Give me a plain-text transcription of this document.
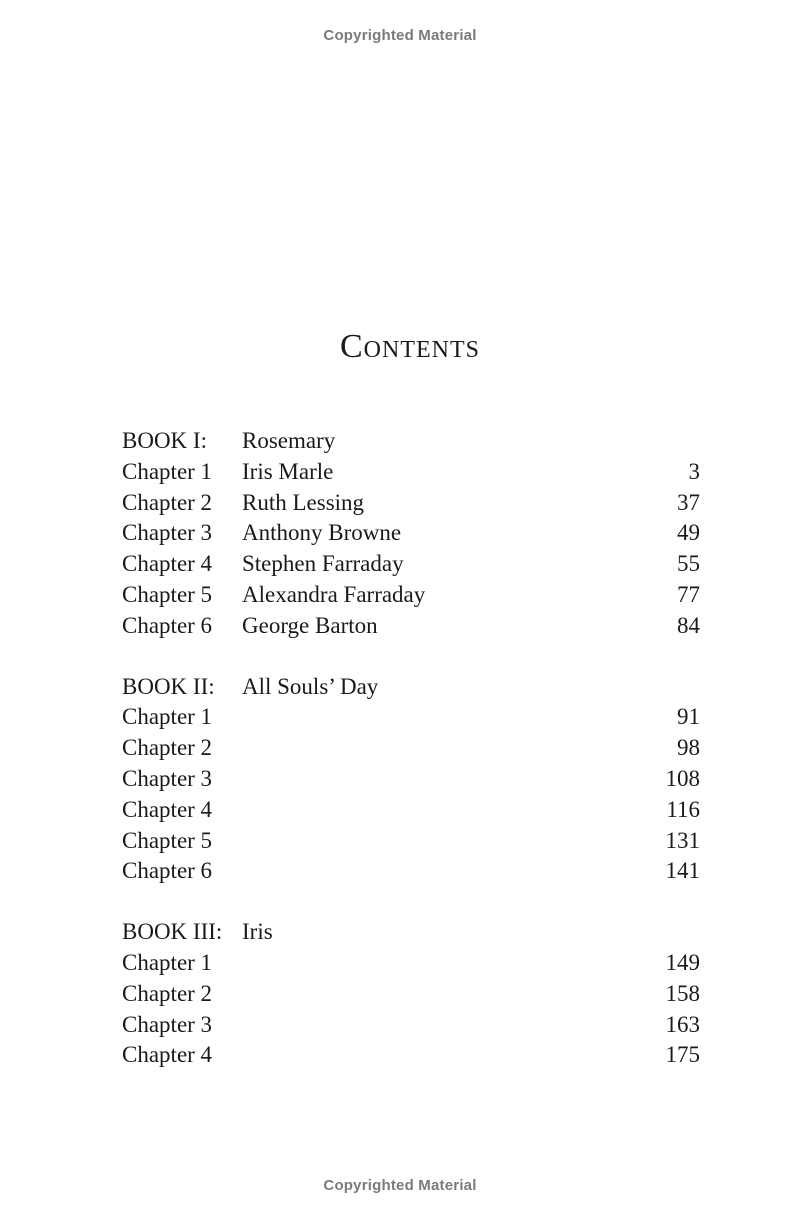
Copyrighted Material
Contents
BOOK I:	Rosemary
Chapter 1	Iris Marle	3
Chapter 2	Ruth Lessing	37
Chapter 3	Anthony Browne	49
Chapter 4	Stephen Farraday	55
Chapter 5	Alexandra Farraday	77
Chapter 6	George Barton	84
BOOK II:	All Souls’ Day
Chapter 1	91
Chapter 2	98
Chapter 3	108
Chapter 4	116
Chapter 5	131
Chapter 6	141
BOOK III: Iris
Chapter 1	149
Chapter 2	158
Chapter 3	163
Chapter 4	175
Copyrighted Material
